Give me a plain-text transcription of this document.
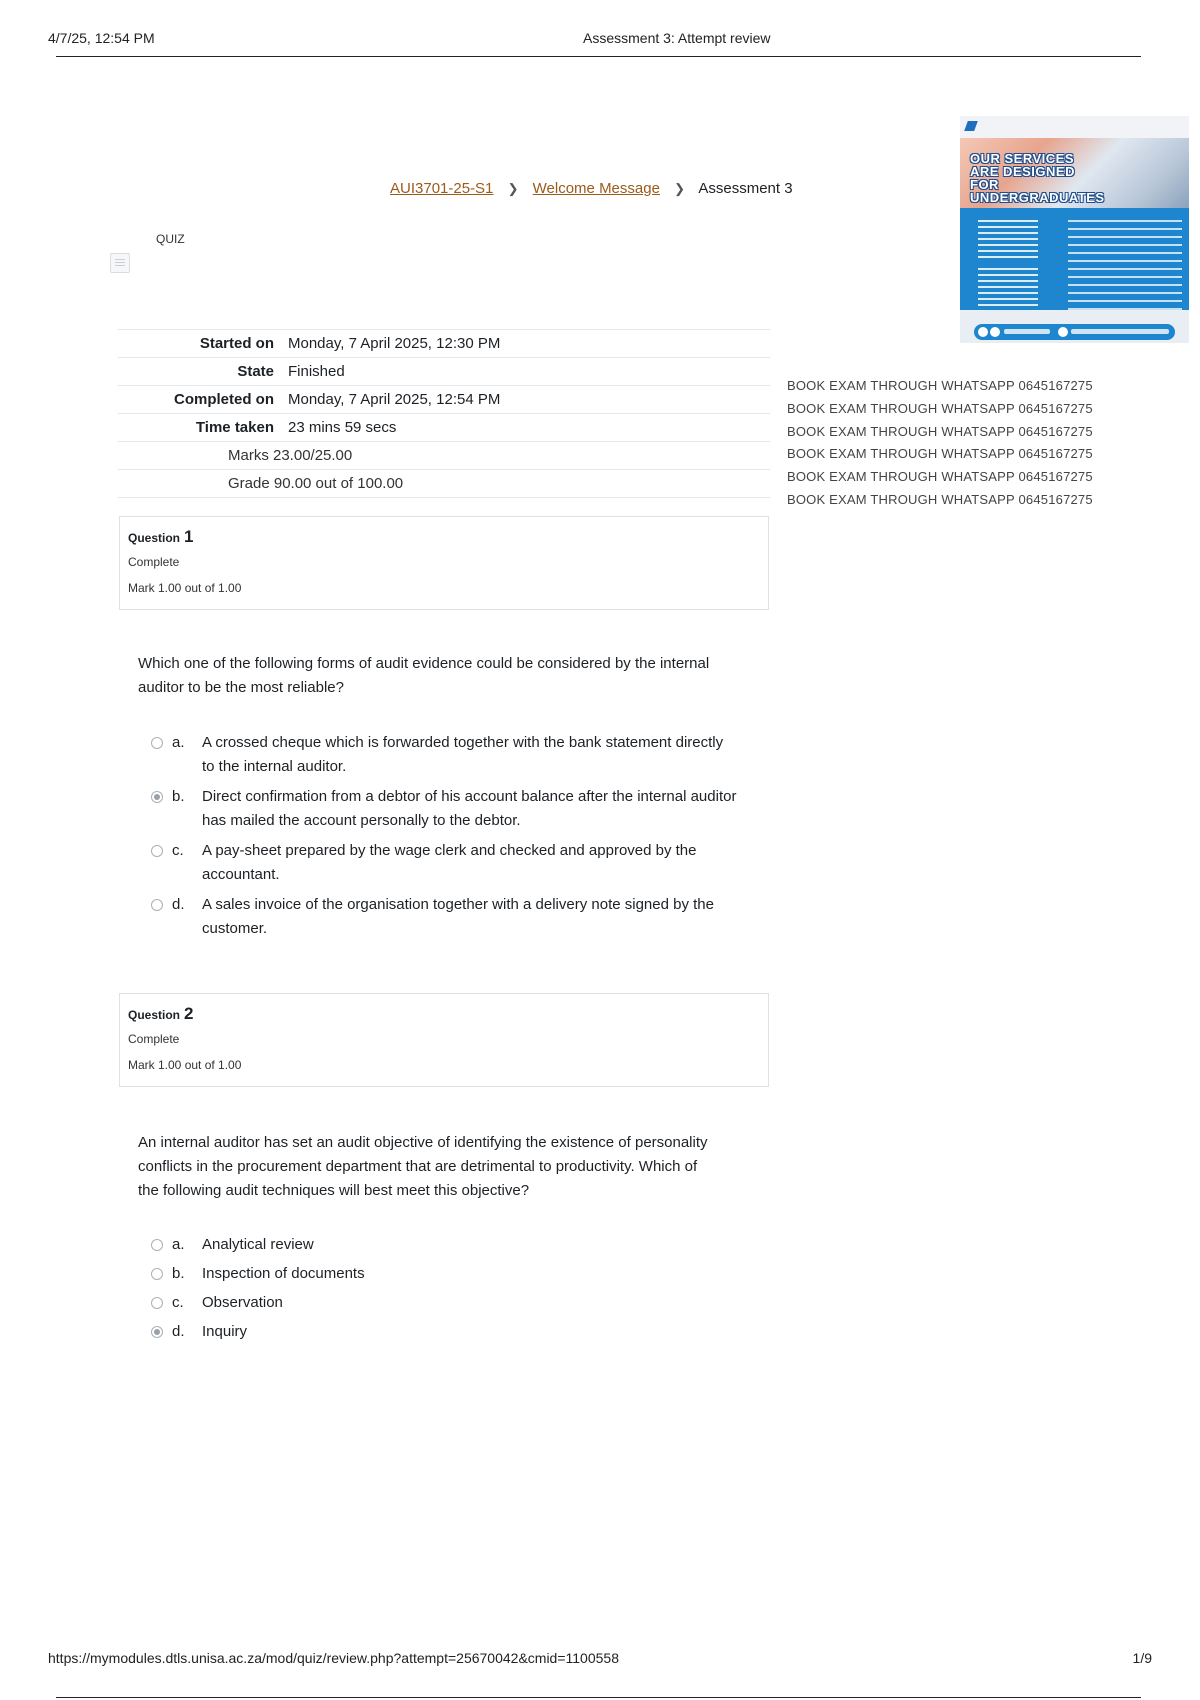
4/7/25, 12:54 PM	Assessment 3: Attempt review
AUI3701-25-S1 ❯ Welcome Message ❯ Assessment 3
QUIZ
Started on	Monday, 7 April 2025, 12:30 PM
State	Finished
Completed on	Monday, 7 April 2025, 12:54 PM
Time taken	23 mins 59 secs
Marks 23.00/25.00	
Grade 90.00 out of 100.00	
Question 1
Complete
Mark 1.00 out of 1.00
Which one of the following forms of audit evidence could be considered by the internal auditor to be the most reliable?
a. A crossed cheque which is forwarded together with the bank statement directly to the internal auditor.
b. Direct confirmation from a debtor of his account balance after the internal auditor has mailed the account personally to the debtor.
c. A pay-sheet prepared by the wage clerk and checked and approved by the accountant.
d. A sales invoice of the organisation together with a delivery note signed by the customer.
Question 2
Complete
Mark 1.00 out of 1.00
An internal auditor has set an audit objective of identifying the existence of personality conflicts in the procurement department that are detrimental to productivity. Which of the following audit techniques will best meet this objective?
a. Analytical review
b. Inspection of documents
c. Observation
d. Inquiry
OUR SERVICES ARE DESIGNED FOR UNDERGRADUATES
BOOK EXAM THROUGH WHATSAPP 0645167275
BOOK EXAM THROUGH WHATSAPP 0645167275
BOOK EXAM THROUGH WHATSAPP 0645167275
BOOK EXAM THROUGH WHATSAPP 0645167275
BOOK EXAM THROUGH WHATSAPP 0645167275
BOOK EXAM THROUGH WHATSAPP 0645167275
https://mymodules.dtls.unisa.ac.za/mod/quiz/review.php?attempt=25670042&cmid=1100558	1/9
